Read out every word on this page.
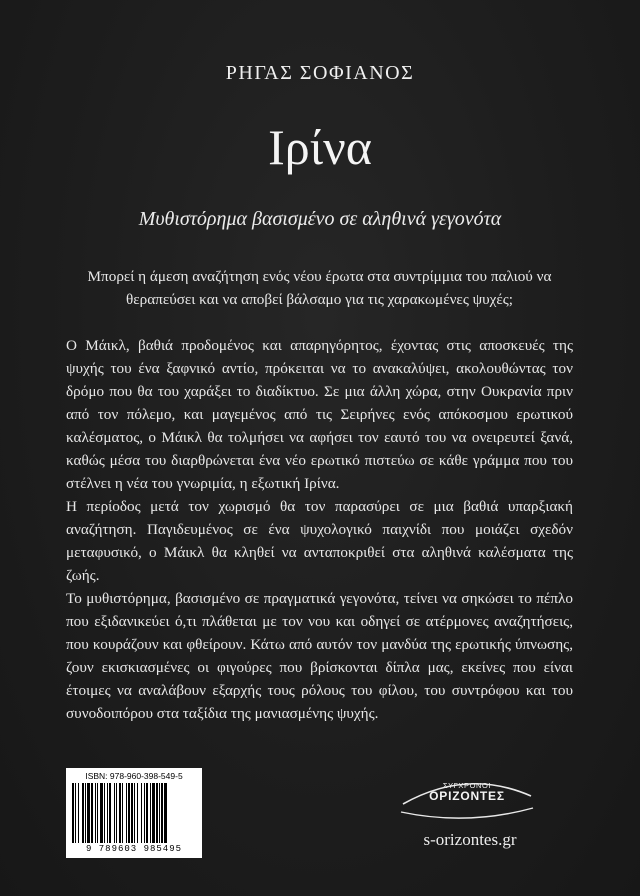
ΡΗΓΑΣ ΣΟΦΙΑΝΟΣ
Ιρίνα
Μυθιστόρημα βασισμένο σε αληθινά γεγονότα

Μπορεί η άμεση αναζήτηση ενός νέου έρωτα στα συντρίμμια του παλιού να θεραπεύσει και να αποβεί βάλσαμο για τις χαρακωμένες ψυχές;

Ο Μάικλ, βαθιά προδομένος και απαρηγόρητος, έχοντας στις αποσκευές της ψυχής του ένα ξαφνικό αντίο, πρόκειται να το ανακαλύψει, ακολουθώντας τον δρόμο που θα του χαράξει το διαδίκτυο. Σε μια άλλη χώρα, στην Ουκρανία πριν από τον πόλεμο, και μαγεμένος από τις Σειρήνες ενός απόκοσμου ερωτικού καλέσματος, ο Μάικλ θα τολμήσει να αφήσει τον εαυτό του να ονειρευτεί ξανά, καθώς μέσα του διαρθρώνεται ένα νέο ερωτικό πιστεύω σε κάθε γράμμα που του στέλνει η νέα του γνωριμία, η εξωτική Ιρίνα.

Η περίοδος μετά τον χωρισμό θα τον παρασύρει σε μια βαθιά υπαρξιακή αναζήτηση. Παγιδευμένος σε ένα ψυχολογικό παιχνίδι που μοιάζει σχεδόν μεταφυσικό, ο Μάικλ θα κληθεί να ανταποκριθεί στα αληθινά καλέσματα της ζωής.

Το μυθιστόρημα, βασισμένο σε πραγματικά γεγονότα, τείνει να σηκώσει το πέπλο που εξιδανικεύει ό,τι πλάθεται με τον νου και οδηγεί σε ατέρμονες αναζητήσεις, που κουράζουν και φθείρουν. Κάτω από αυτόν τον μανδύα της ερωτικής ύπνωσης, ζουν εκισκιασμένες οι φιγούρες που βρίσκονται δίπλα μας, εκείνες που είναι έτοιμες να αναλάβουν εξαρχής τους ρόλους του φίλου, του συντρόφου και του συνοδοιπόρου στα ταξίδια της μανιασμένης ψυχής.

ISBN: 978-960-398-549-5
9 789603 985495
ΣΥΓΧΡΟΝΟΙ
ΟΡΙΖΟΝΤΕΣ
s-orizontes.gr
